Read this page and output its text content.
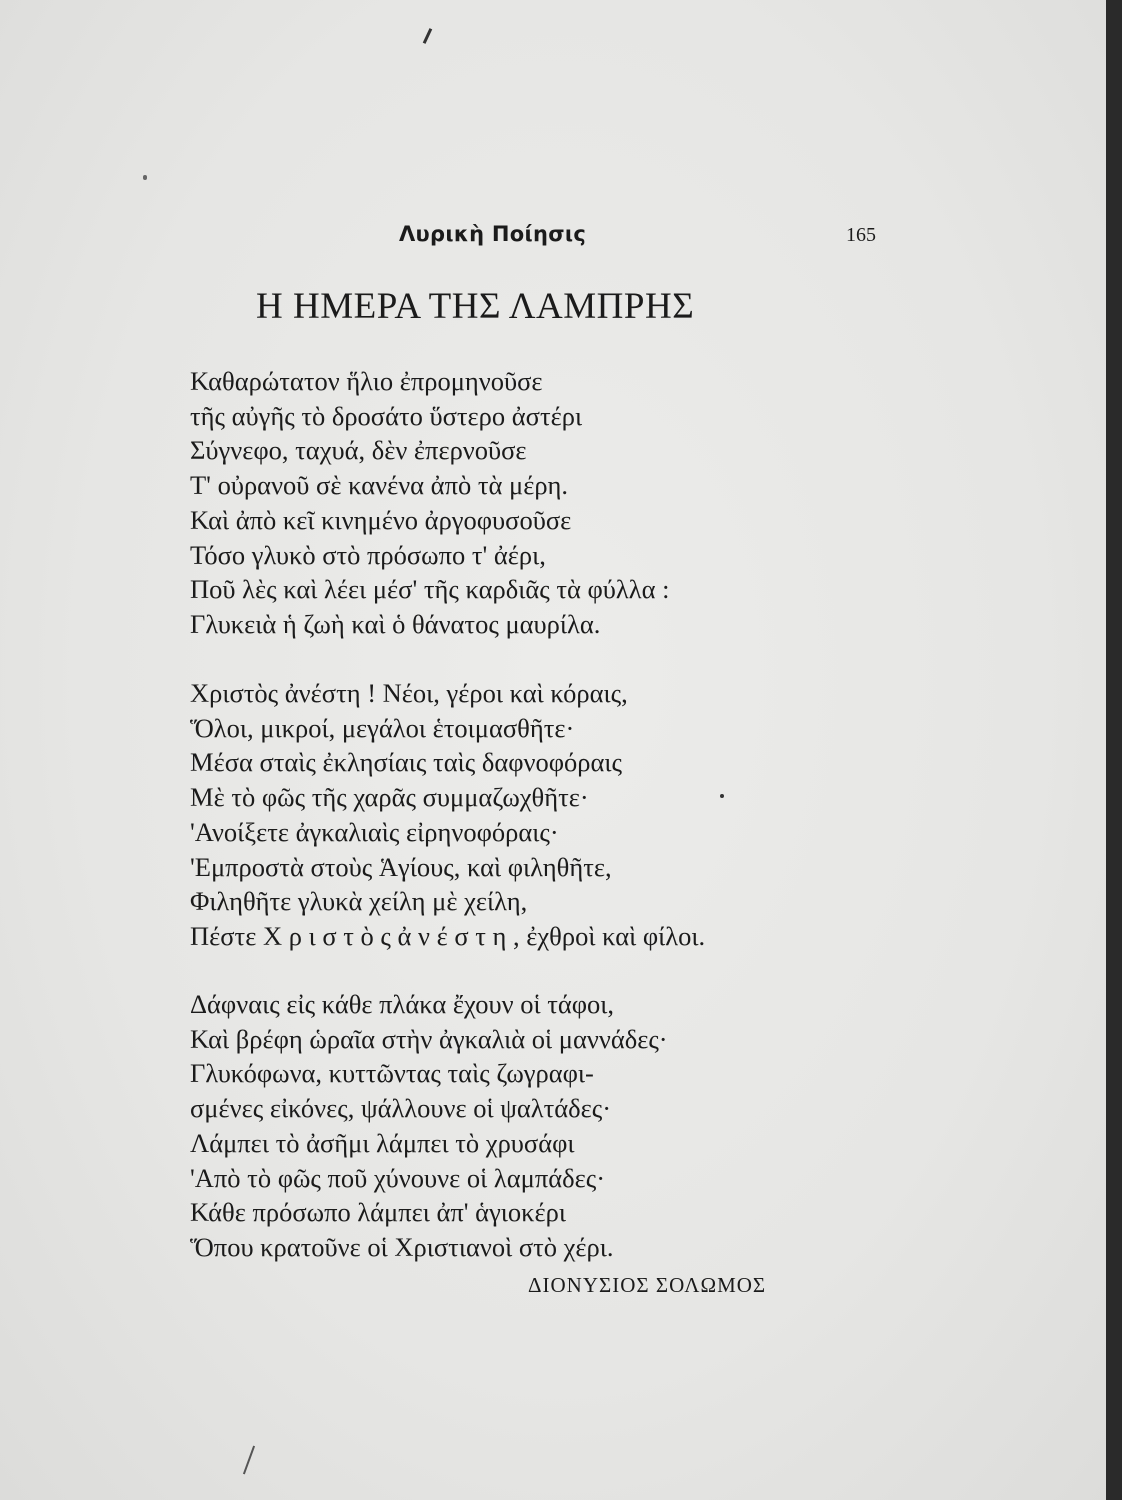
Λυρικὴ Ποίησις	165
Η ΗΜΕΡΑ ΤΗΣ ΛΑΜΠΡΗΣ
Καθαρώτατον ἥλιο ἐπρομηνοῦσε
τῆς αὐγῆς τὸ δροσάτο ὕστερο ἀστέρι
Σύγνεφο, ταχυά, δὲν ἐπερνοῦσε
Τ' οὐρανοῦ σὲ κανένα ἀπὸ τὰ μέρη.
Καὶ ἀπὸ κεῖ κινημένο ἀργοφυσοῦσε
Τόσο γλυκὸ στὸ πρόσωπο τ' ἀέρι,
Ποῦ λὲς καὶ λέει μέσ' τῆς καρδιᾶς τὰ φύλλα :
Γλυκειὰ ἡ ζωὴ καὶ ὁ θάνατος μαυρίλα.
Χριστὸς ἀνέστη ! Νέοι, γέροι καὶ κόραις,
Ὅλοι, μικροί, μεγάλοι ἑτοιμασθῆτε·
Μέσα σταὶς ἐκλησίαις ταὶς δαφνοφόραις
Μὲ τὸ φῶς τῆς χαρᾶς συμμαζωχθῆτε·
'Ανοίξετε ἀγκαλιαὶς εἰρηνοφόραις·
'Εμπροστὰ στοὺς Ἁγίους, καὶ φιληθῆτε,
Φιληθῆτε γλυκὰ χείλη μὲ χείλη,
Πέστε Χ ρ ι σ τ ὸ ς ἀ ν έ σ τ η , ἐχθροὶ καὶ φίλοι.
Δάφναις εἰς κάθε πλάκα ἔχουν οἱ τάφοι,
Καὶ βρέφη ὡραῖα στὴν ἀγκαλιὰ οἱ μαννάδες·
Γλυκόφωνα, κυττῶντας ταὶς ζωγραφι-
σμένες εἰκόνες, ψάλλουνε οἱ ψαλτάδες·
Λάμπει τὸ ἀσῆμι λάμπει τὸ χρυσάφι
'Απὸ τὸ φῶς ποῦ χύνουνε οἱ λαμπάδες·
Κάθε πρόσωπο λάμπει ἀπ' ἁγιοκέρι
Ὅπου κρατοῦνε οἱ Χριστιανοὶ στὸ χέρι.
ΔΙΟΝΥΣΙΟΣ ΣΟΛΩΜΟΣ
